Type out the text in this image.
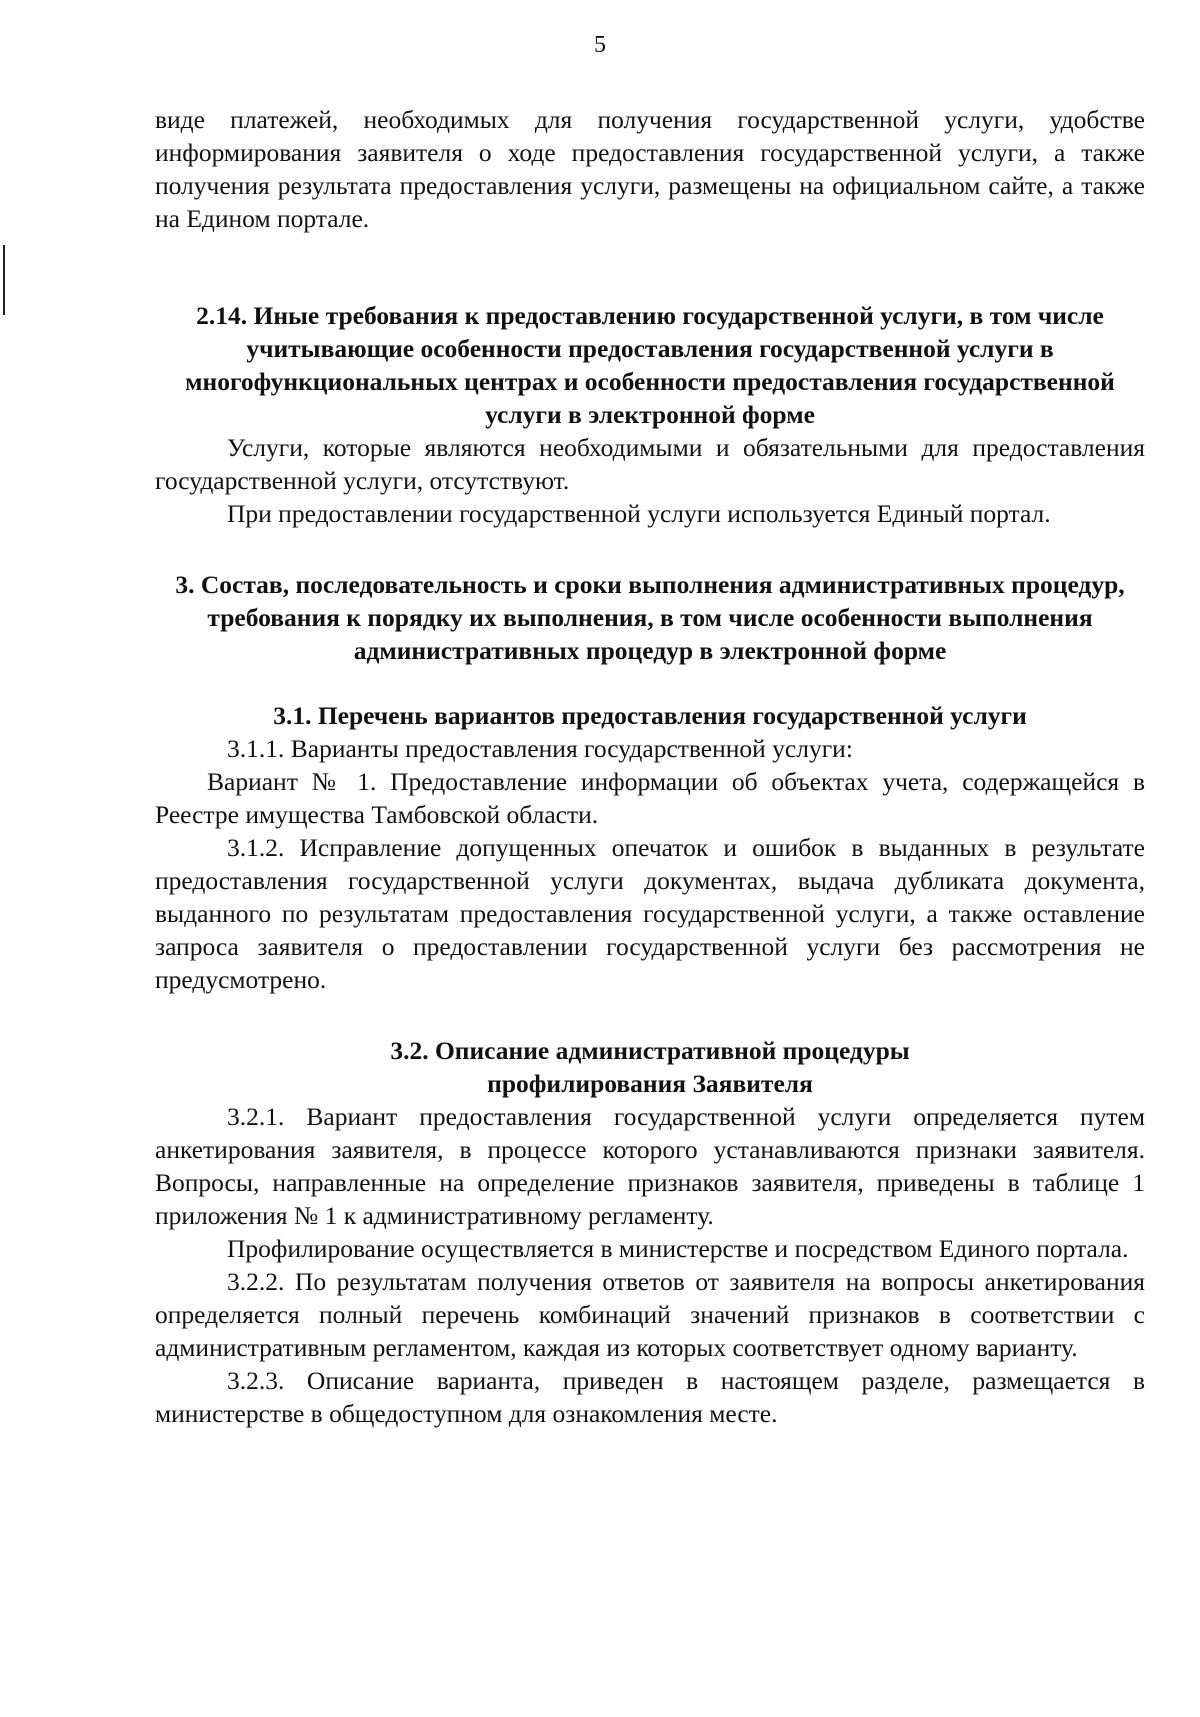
5

виде платежей, необходимых для получения государственной услуги, удобстве информирования заявителя о ходе предоставления государственной услуги, а также получения результата предоставления услуги, размещены на официальном сайте, а также на Едином портале.

2.14. Иные требования к предоставлению государственной услуги, в том числе учитывающие особенности предоставления государственной услуги в многофункциональных центрах и особенности предоставления государственной услуги в электронной форме

Услуги, которые являются необходимыми и обязательными для предоставления государственной услуги, отсутствуют.

При предоставлении государственной услуги используется Единый портал.

3. Состав, последовательность и сроки выполнения административных процедур, требования к порядку их выполнения, в том числе особенности выполнения административных процедур в электронной форме
3.1. Перечень вариантов предоставления государственной услуги

3.1.1. Варианты предоставления государственной услуги:

Вариант № 1. Предоставление информации об объектах учета, содержащейся в Реестре имущества Тамбовской области.

3.1.2. Исправление допущенных опечаток и ошибок в выданных в результате предоставления государственной услуги документах, выдача дубликата документа, выданного по результатам предоставления государственной услуги, а также оставление запроса заявителя о предоставлении государственной услуги без рассмотрения не предусмотрено.

3.2. Описание административной процедуры
профилирования Заявителя

3.2.1. Вариант предоставления государственной услуги определяется путем анкетирования заявителя, в процессе которого устанавливаются признаки заявителя. Вопросы, направленные на определение признаков заявителя, приведены в таблице 1 приложения № 1 к административному регламенту.

Профилирование осуществляется в министерстве и посредством Единого портала.

3.2.2. По результатам получения ответов от заявителя на вопросы анкетирования определяется полный перечень комбинаций значений признаков в соответствии с административным регламентом, каждая из которых соответствует одному варианту.

3.2.3. Описание варианта, приведен в настоящем разделе, размещается в министерстве в общедоступном для ознакомления месте.
